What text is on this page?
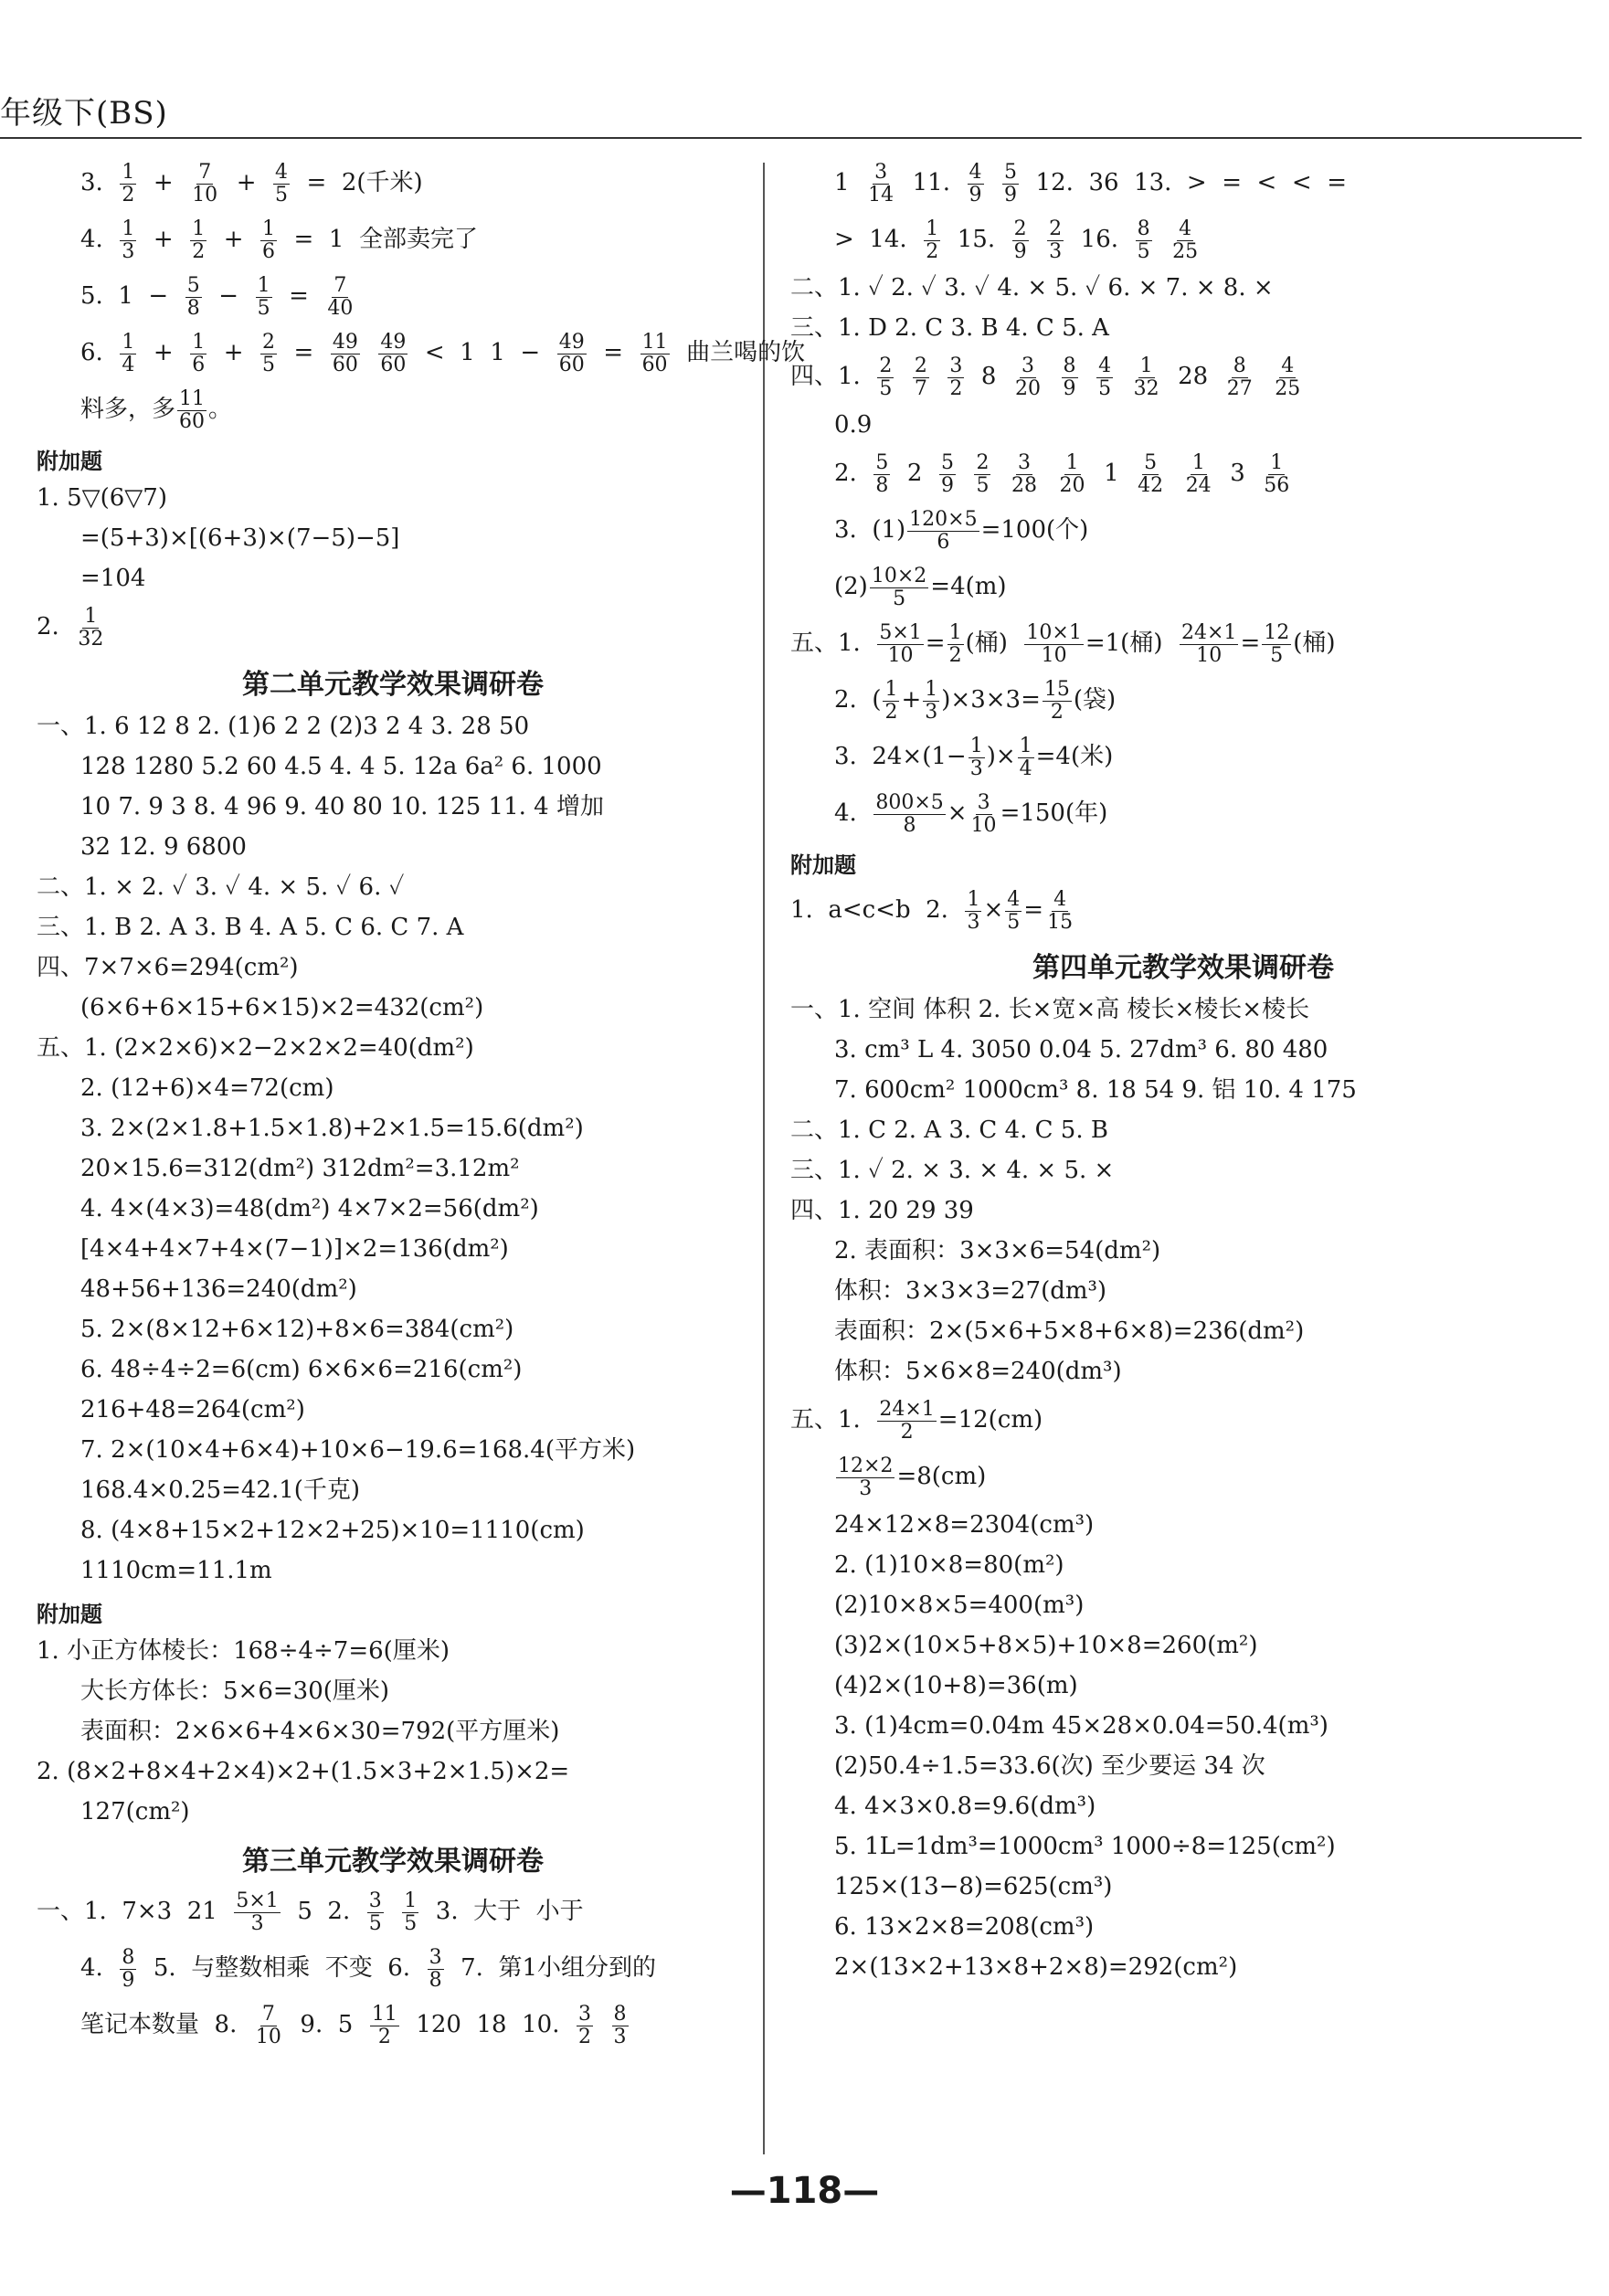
年级下(BS)
3. 1
2 + 7
10 + 4
5 =  2(千米)
4. 1
3 + 1
2 + 1
6 =  1  全部卖完了
5.  1  − 5
8 − 1
5 = 7
40
6. 1
4 + 1
6 + 2
5 = 49
60

49
60 <  1  1  − 49
60 = 11
60 曲兰喝的饮
料多，多 11
60 。
附加题
1. 5▽(6▽7)
=(5+3)×[(6+3)×(7−5)−5]
=104
2. 1
32
第二单元教学效果调研卷
一、1. 6 12 8 2. (1)6 2 2 (2)3 2 4 3. 28 50
128 1280 5.2 60 4.5 4. 4 5. 12a 6a² 6. 1000
10 7. 9 3 8. 4 96 9. 40 80 10. 125 11. 4 增加
32 12. 9 6800
二、1. × 2. ✓ 3. ✓ 4. × 5. ✓ 6. ✓
三、1. B 2. A 3. B 4. A 5. C 6. C 7. A
四、7×7×6=294(cm²)
(6×6+6×15+6×15)×2=432(cm²)
五、1. (2×2×6)×2−2×2×2=40(dm²)
2. (12+6)×4=72(cm)
3. 2×(2×1.8+1.5×1.8)+2×1.5=15.6(dm²)
20×15.6=312(dm²) 312dm²=3.12m²
4. 4×(4×3)=48(dm²) 4×7×2=56(dm²)
[4×4+4×7+4×(7−1)]×2=136(dm²)
48+56+136=240(dm²)
5. 2×(8×12+6×12)+8×6=384(cm²)
6. 48÷4÷2=6(cm) 6×6×6=216(cm²)
216+48=264(cm²)
7. 2×(10×4+6×4)+10×6−19.6=168.4(平方米)
168.4×0.25=42.1(千克)
8. (4×8+15×2+12×2+25)×10=1110(cm)
1110cm=11.1m
附加题
1. 小正方体棱长：168÷4÷7=6(厘米)
大长方体长：5×6=30(厘米)
表面积：2×6×6+4×6×30=792(平方厘米)
2. (8×2+8×4+2×4)×2+(1.5×3+2×1.5)×2=
127(cm²)
第三单元教学效果调研卷
一、1.  7×3  21 5×1
3 5  2. 3
5

1
5 3.  大于  小于
4. 8
9 5.  与整数相乘  不变  6. 3
8 7.  第1小组分到的
笔记本数量  8. 7
10 9.  5 11
2 120  18  10. 3
2

8
3
1 3
14 11. 4
9

5
9 12.  36  13.  >  =  <  <  =
>  14. 1
2 15. 2
9

2
3 16. 8
5

4
25
二、1. ✓ 2. ✓ 3. ✓ 4. × 5. ✓ 6. × 7. × 8. ×
三、1. D 2. C 3. B 4. C 5. A
四、1. 2
5

2
7

3
2 8 3
20

8
9

4
5

1
32 28 8
27

4
25
0.9
2. 5
8 2 5
9

2
5

3
28

1
20 1 5
42

1
24 3 1
56
3.  (1) 120×5
6 =100(个)
(2) 10×2
5 =4(m)
五、1. 5×1
10 = 1
2 (桶) 10×1
10 =1(桶) 24×1
10 = 12
5 (桶)
2.  ( 1
2 + 1
3 )×3×3= 15
2 (袋)
3.  24×(1− 1
3 )× 1
4 =4(米)
4. 800×5
8 × 3
10 =150(年)
附加题
1.  a<c<b  2. 1
3 × 4
5 = 4
15
第四单元教学效果调研卷
一、1. 空间 体积 2. 长×宽×高 棱长×棱长×棱长
3. cm³ L 4. 3050 0.04 5. 27dm³ 6. 80 480
7. 600cm² 1000cm³ 8. 18 54 9. 铝 10. 4 175
二、1. C 2. A 3. C 4. C 5. B
三、1. ✓ 2. × 3. × 4. × 5. ×
四、1. 20 29 39
2. 表面积：3×3×6=54(dm²)
体积：3×3×3=27(dm³)
表面积：2×(5×6+5×8+6×8)=236(dm²)
体积：5×6×8=240(dm³)
五、1. 24×1
2 =12(cm)
12×2
3 =8(cm)
24×12×8=2304(cm³)
2. (1)10×8=80(m²)
(2)10×8×5=400(m³)
(3)2×(10×5+8×5)+10×8=260(m²)
(4)2×(10+8)=36(m)
3. (1)4cm=0.04m 45×28×0.04=50.4(m³)
(2)50.4÷1.5=33.6(次) 至少要运 34 次
4. 4×3×0.8=9.6(dm³)
5. 1L=1dm³=1000cm³ 1000÷8=125(cm²)
125×(13−8)=625(cm³)
6. 13×2×8=208(cm³)
2×(13×2+13×8+2×8)=292(cm²)
—118—
